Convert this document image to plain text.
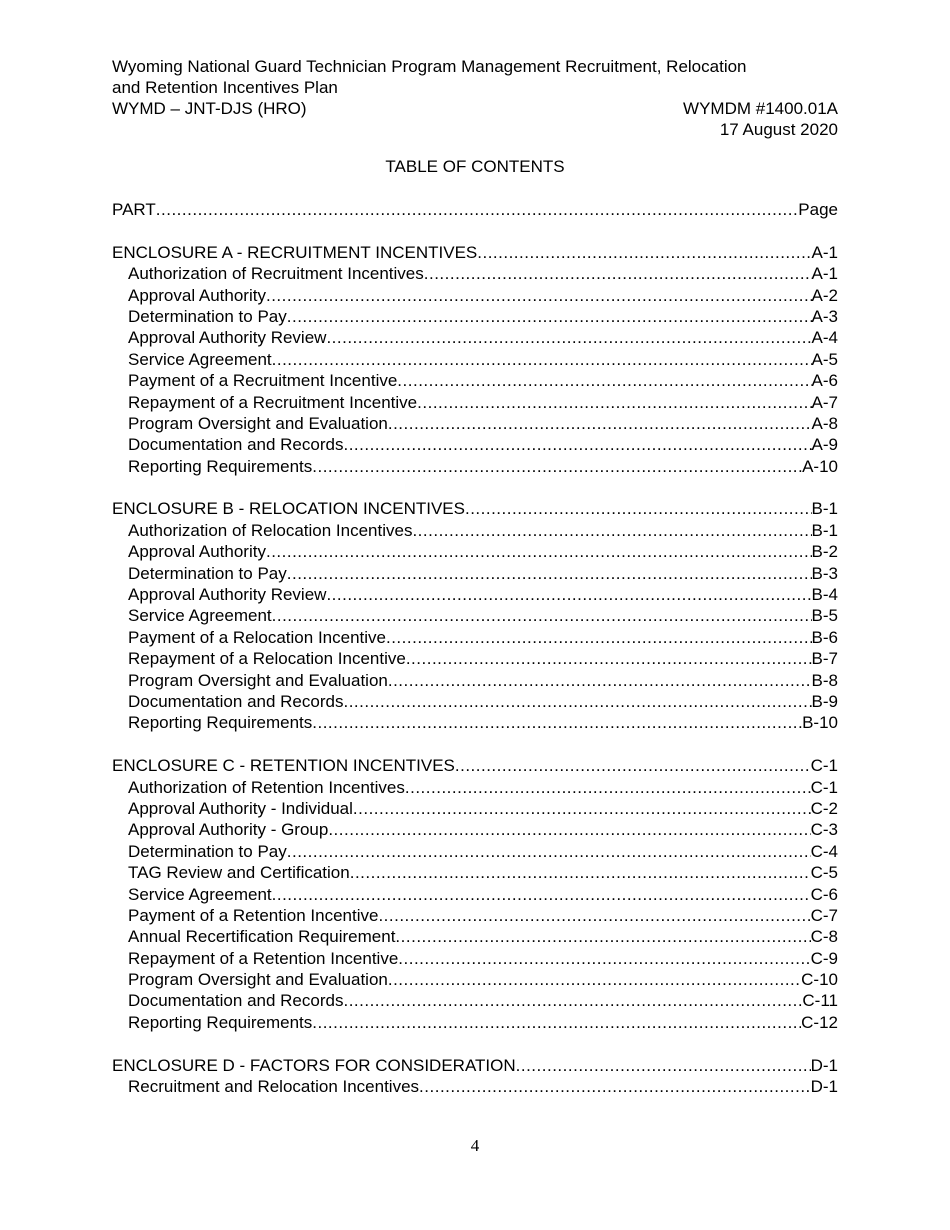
Wyoming National Guard Technician Program Management Recruitment, Relocation
and Retention Incentives Plan
WYMD – JNT-DJS (HRO)	WYMDM #1400.01A
17 August 2020
TABLE OF CONTENTS
PART .....	Page
ENCLOSURE A - RECRUITMENT INCENTIVES .....	A-1
Authorization of Recruitment Incentives .....	A-1
Approval Authority .....	A-2
Determination to Pay .....	A-3
Approval Authority Review .....	A-4
Service Agreement .....	A-5
Payment of a Recruitment Incentive .....	A-6
Repayment of a Recruitment Incentive .....	A-7
Program Oversight and Evaluation .....	A-8
Documentation and Records .....	A-9
Reporting Requirements .....	A-10
ENCLOSURE B - RELOCATION INCENTIVES .....	B-1
Authorization of Relocation Incentives .....	B-1
Approval Authority .....	B-2
Determination to Pay .....	B-3
Approval Authority Review .....	B-4
Service Agreement .....	B-5
Payment of a Relocation Incentive .....	B-6
Repayment of a Relocation Incentive .....	B-7
Program Oversight and Evaluation .....	B-8
Documentation and Records .....	B-9
Reporting Requirements .....	B-10
ENCLOSURE C - RETENTION INCENTIVES .....	C-1
Authorization of Retention Incentives .....	C-1
Approval Authority - Individual .....	C-2
Approval Authority - Group .....	C-3
Determination to Pay .....	C-4
TAG Review and Certification .....	C-5
Service Agreement .....	C-6
Payment of a Retention Incentive .....	C-7
Annual Recertification Requirement .....	C-8
Repayment of a Retention Incentive .....	C-9
Program Oversight and Evaluation .....	C-10
Documentation and Records .....	C-11
Reporting Requirements .....	C-12
ENCLOSURE D - FACTORS FOR CONSIDERATION .....	D-1
Recruitment and Relocation Incentives .....	D-1
4
